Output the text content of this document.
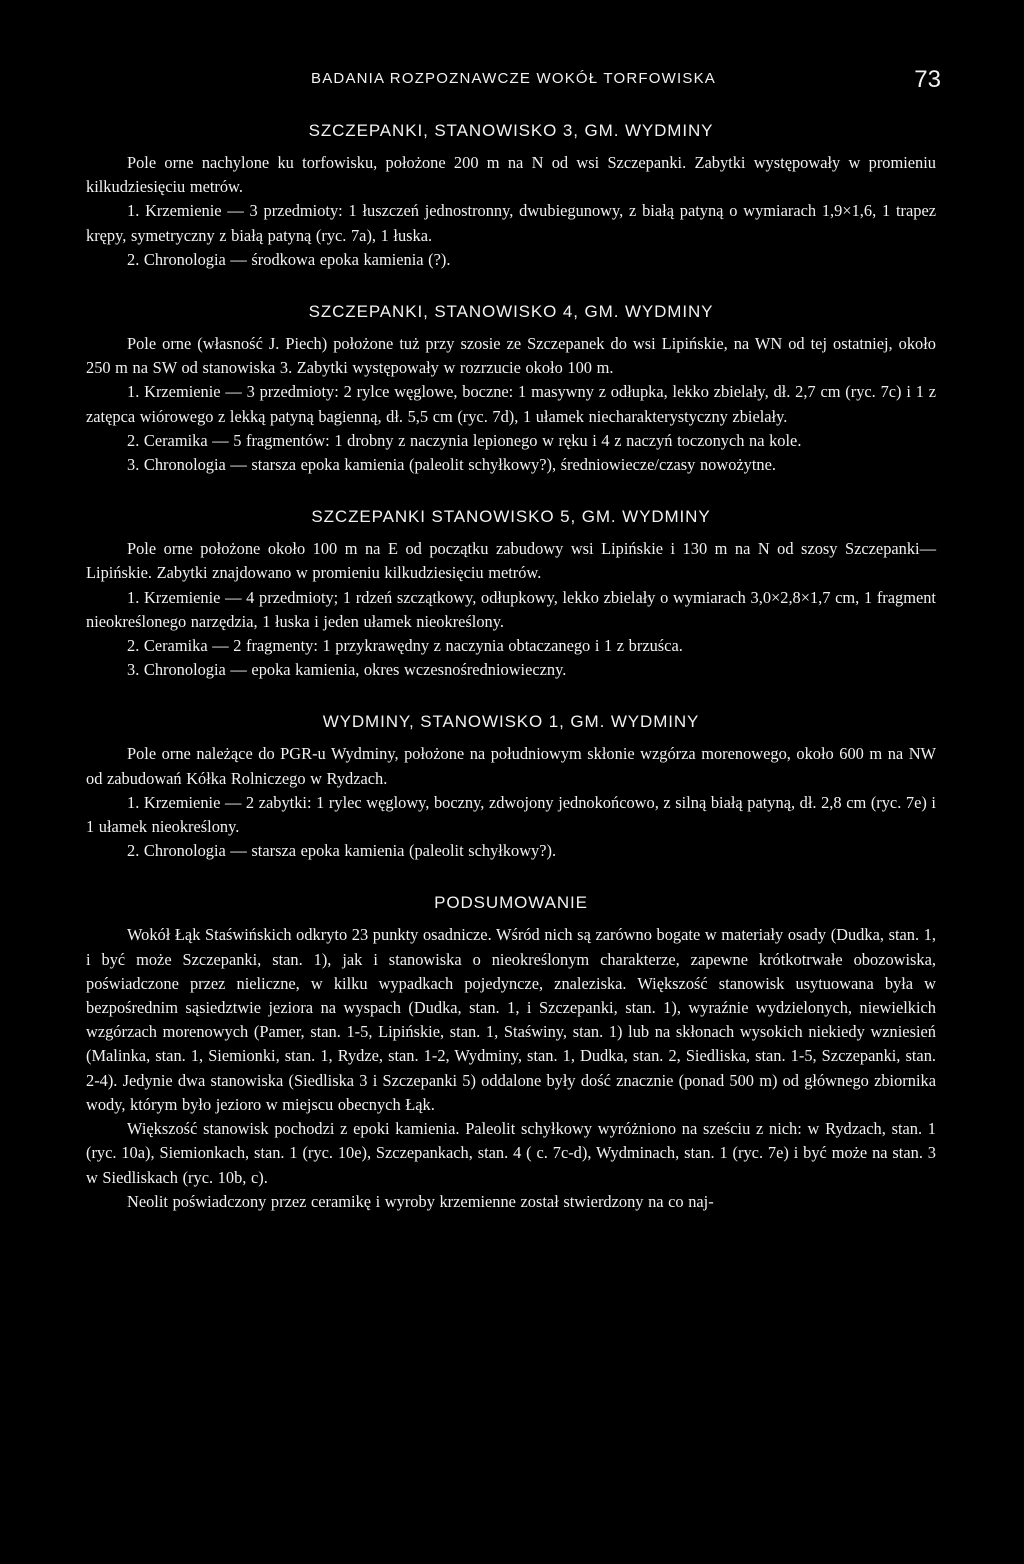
BADANIA ROZPOZNAWCZE WOKÓŁ TORFOWISKA	73
SZCZEPANKI, STANOWISKO 3, GM. WYDMINY

Pole orne nachylone ku torfowisku, położone 200 m na N od wsi Szczepanki. Zabytki występowały w promieniu kilkudziesięciu metrów.

1. Krzemienie — 3 przedmioty: 1 łuszczeń jednostronny, dwubiegunowy, z białą patyną o wymiarach 1,9×1,6, 1 trapez krępy, symetryczny z białą patyną (ryc. 7a), 1 łuska.

2. Chronologia — środkowa epoka kamienia (?).

SZCZEPANKI, STANOWISKO 4, GM. WYDMINY

Pole orne (własność J. Piech) położone tuż przy szosie ze Szczepanek do wsi Lipińskie, na WN od tej ostatniej, około 250 m na SW od stanowiska 3. Zabytki występowały w rozrzucie około 100 m.

1. Krzemienie — 3 przedmioty: 2 rylce węglowe, boczne: 1 masywny z odłupka, lekko zbielały, dł. 2,7 cm (ryc. 7c) i 1 z zatępca wiórowego z lekką patyną bagienną, dł. 5,5 cm (ryc. 7d), 1 ułamek niecharakterystyczny zbielały.

2. Ceramika — 5 fragmentów: 1 drobny z naczynia lepionego w ręku i 4 z naczyń toczonych na kole.

3. Chronologia — starsza epoka kamienia (paleolit schyłkowy?), średniowiecze/czasy nowożytne.

SZCZEPANKI STANOWISKO 5, GM. WYDMINY

Pole orne położone około 100 m na E od początku zabudowy wsi Lipińskie i 130 m na N od szosy Szczepanki—Lipińskie. Zabytki znajdowano w promieniu kilkudziesięciu metrów.

1. Krzemienie — 4 przedmioty; 1 rdzeń szczątkowy, odłupkowy, lekko zbielały o wymiarach 3,0×2,8×1,7 cm, 1 fragment nieokreślonego narzędzia, 1 łuska i jeden ułamek nieokreślony.

2. Ceramika — 2 fragmenty: 1 przykrawędny z naczynia obtaczanego i 1 z brzuśca.

3. Chronologia — epoka kamienia, okres wczesnośredniowieczny.

WYDMINY, STANOWISKO 1, GM. WYDMINY

Pole orne należące do PGR-u Wydminy, położone na południowym skłonie wzgórza morenowego, około 600 m na NW od zabudowań Kółka Rolniczego w Rydzach.

1. Krzemienie — 2 zabytki: 1 rylec węglowy, boczny, zdwojony jednokońcowo, z silną białą patyną, dł. 2,8 cm (ryc. 7e) i 1 ułamek nieokreślony.

2. Chronologia — starsza epoka kamienia (paleolit schyłkowy?).

PODSUMOWANIE

Wokół Łąk Staświńskich odkryto 23 punkty osadnicze. Wśród nich są zarówno bogate w materiały osady (Dudka, stan. 1, i być może Szczepanki, stan. 1), jak i stanowiska o nieokreślonym charakterze, zapewne krótkotrwałe obozowiska, poświadczone przez nieliczne, w kilku wypadkach pojedyncze, znaleziska. Większość stanowisk usytuowana była w bezpośrednim sąsiedztwie jeziora na wyspach (Dudka, stan. 1, i Szczepanki, stan. 1), wyraźnie wydzielonych, niewielkich wzgórzach morenowych (Pamer, stan. 1-5, Lipińskie, stan. 1, Staświny, stan. 1) lub na skłonach wysokich niekiedy wzniesień (Malinka, stan. 1, Siemionki, stan. 1, Rydze, stan. 1-2, Wydminy, stan. 1, Dudka, stan. 2, Siedliska, stan. 1-5, Szczepanki, stan. 2-4). Jedynie dwa stanowiska (Siedliska 3 i Szczepanki 5) oddalone były dość znacznie (ponad 500 m) od głównego zbiornika wody, którym było jezioro w miejscu obecnych Łąk.

Większość stanowisk pochodzi z epoki kamienia. Paleolit schyłkowy wyróżniono na sześciu z nich: w Rydzach, stan. 1 (ryc. 10a), Siemionkach, stan. 1 (ryc. 10e), Szczepankach, stan. 4 ( c. 7c-d), Wydminach, stan. 1 (ryc. 7e) i być może na stan. 3 w Siedliskach (ryc. 10b, c).

Neolit poświadczony przez ceramikę i wyroby krzemienne został stwierdzony na co naj-
